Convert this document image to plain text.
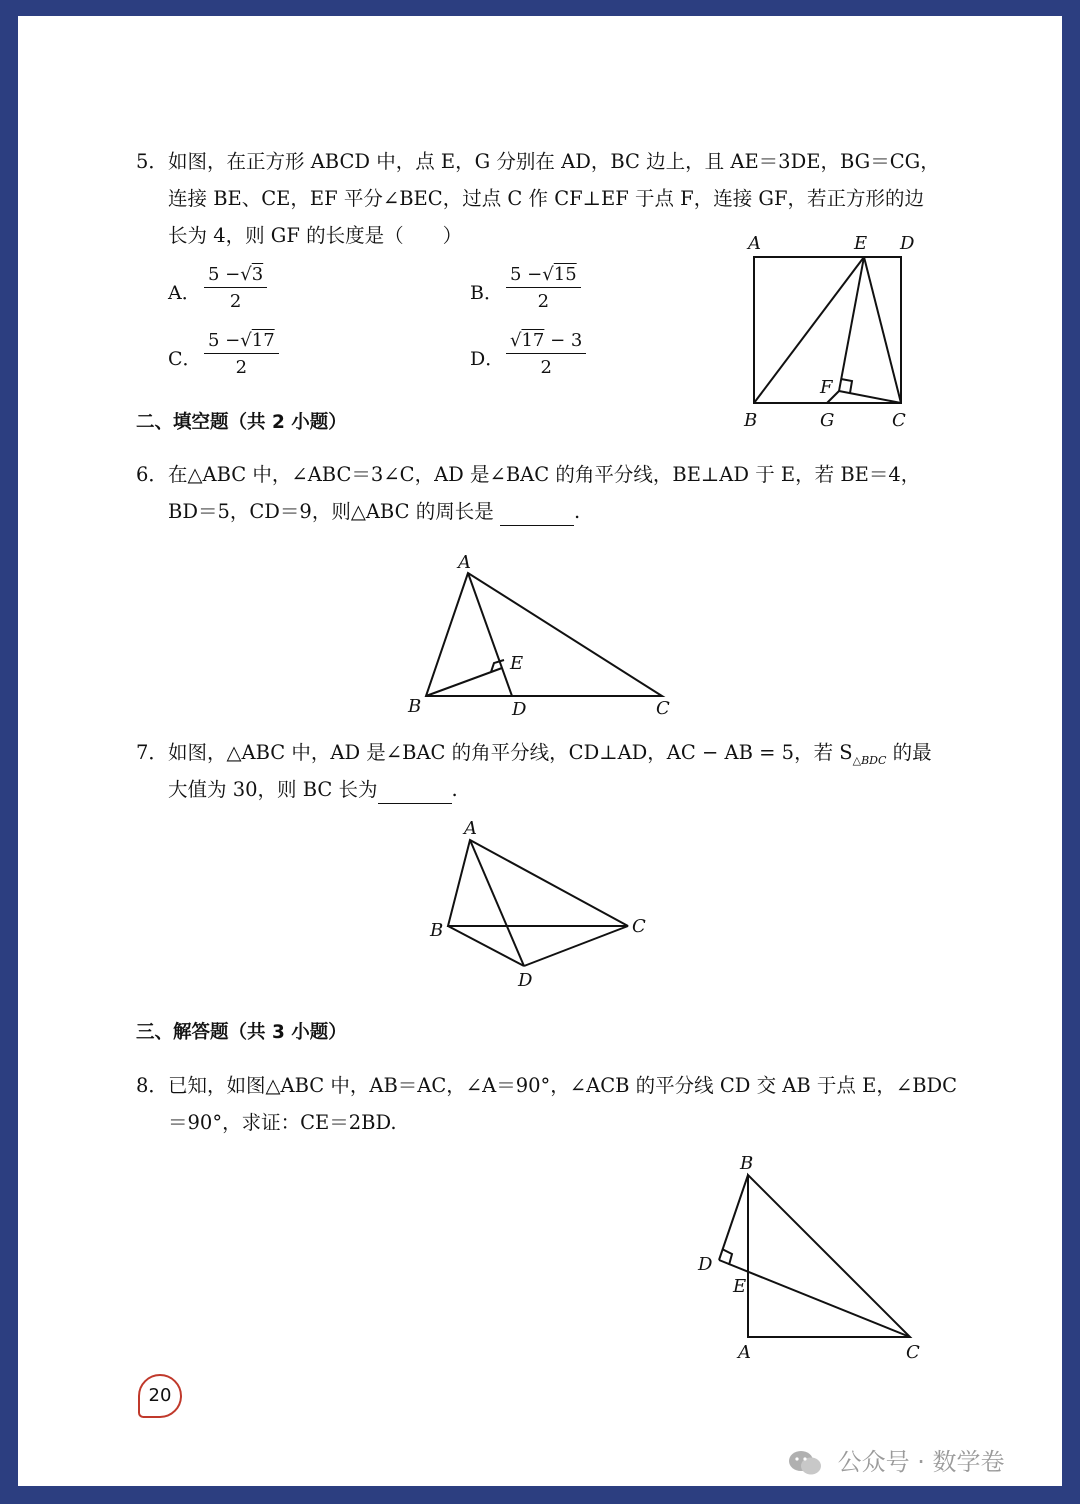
5． 如图，在正方形 ABCD 中，点 E，G 分别在 AD，BC 边上，且 AE＝3DE，BG＝CG，
连接 BE、CE，EF 平分∠BEC，过点 C 作 CF⊥EF 于点 F，连接 GF，若正方形的边
长为 4，则 GF 的长度是（　　）
A． $\frac{5 -√3}{2}$	B． $\frac{5 -√15}{2}$
C． $\frac{5 -√17}{2}$	D． $\frac{√17 - 3}{2}$
A	E D
F
B	G	C
二、填空题（共 2 小题）
6． 在△ABC 中，∠ABC＝3∠C，AD 是∠BAC 的角平分线，BE⊥AD 于 E，若 BE＝4，
BD＝5，CD＝9，则△ABC 的周长是	.
A
E
B	D	C
7． 如图，△ABC 中，AD 是∠BAC 的角平分线，CD⊥AD，AC − AB = 5，若 $S_{\triangle BDC}$ 的最
大值为 30，则 BC 长为	.
A
B	C
D
三、解答题（共 3 小题）
8． 已知，如图△ABC 中，AB＝AC，∠A＝90°，∠ACB 的平分线 CD 交 AB 于点 E，∠BDC
＝90°，求证：CE＝2BD.
B
D
E
A	C
20
公众号 · 数学卷
